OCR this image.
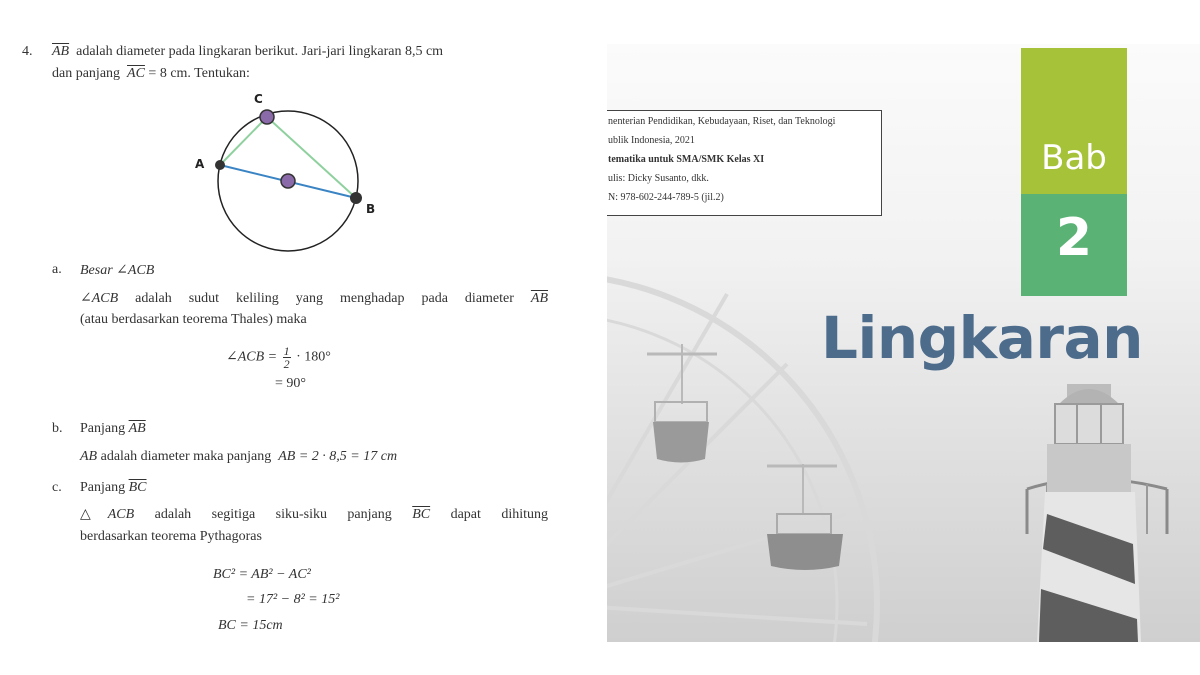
4. $\overline{AB}$ adalah diameter pada lingkaran berikut. Jari-jari lingkaran 8,5 cm
dan panjang $\overline{AC} = 8$ cm. Tentukan:
C
A
B
a. Besar ∠ACB
∠ACB adalah sudut keliling yang menghadap pada diameter $\overline{AB}$
(atau berdasarkan teorema Thales) maka
∠ACB = $\frac{1}{2} \cdot 180^\circ$
= 90°
b. Panjang $\overline{AB}$
AB adalah diameter maka panjang AB = 2 · 8,5 = 17 cm
c. Panjang $\overline{BC}$
△ACB adalah segitiga siku-siku panjang $\overline{BC}$ dapat dihitung
berdasarkan teorema Pythagoras
BC² = AB² − AC²
= 17² − 8² = 15²
BC = 15cm
nenterian Pendidikan, Kebudayaan, Riset, dan Teknologi
ublik Indonesia, 2021
tematika untuk SMA/SMK Kelas XI
ulis: Dicky Susanto, dkk.
N: 978-602-244-789-5 (jil.2)
Bab
2
Lingkaran
